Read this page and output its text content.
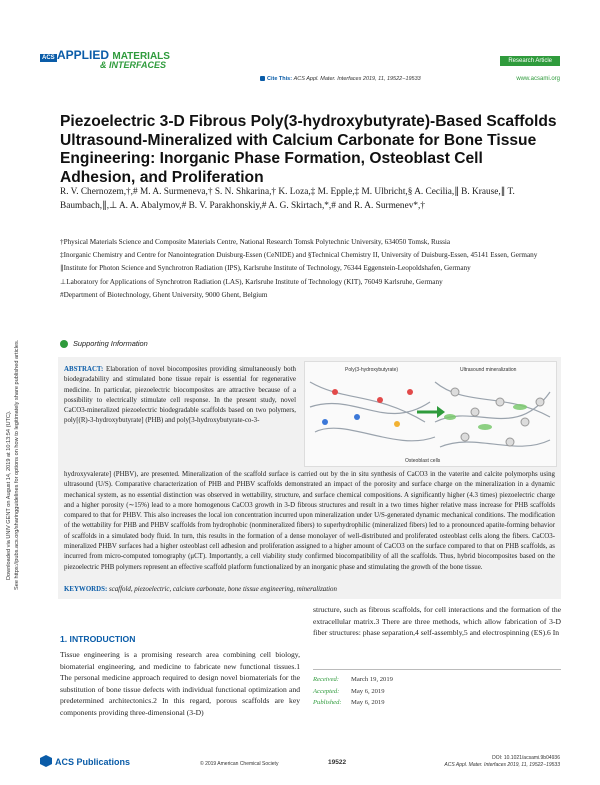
Downloaded via UNIV GENT on August 14, 2019 at 10:13:54 (UTC). See https://pubs.acs.org/sharingguidelines for options on how to legitimately share published articles.
ACS APPLIED MATERIALS
& INTERFACES
Cite This: ACS Appl. Mater. Interfaces 2019, 11, 19522−19533
Research Article
www.acsami.org
Piezoelectric 3-D Fibrous Poly(3-hydroxybutyrate)-Based Scaffolds Ultrasound-Mineralized with Calcium Carbonate for Bone Tissue Engineering: Inorganic Phase Formation, Osteoblast Cell Adhesion, and Proliferation
R. V. Chernozem,†,# M. A. Surmeneva,† S. N. Shkarina,† K. Loza,‡ M. Epple,‡ M. Ulbricht,§ A. Cecilia,∥ B. Krause,∥ T. Baumbach,∥,⊥ A. A. Abalymov,# B. V. Parakhonskiy,# A. G. Skirtach,*,# and R. A. Surmenev*,†

†Physical Materials Science and Composite Materials Centre, National Research Tomsk Polytechnic University, 634050 Tomsk, Russia

‡Inorganic Chemistry and Centre for Nanointegration Duisburg-Essen (CeNIDE) and §Technical Chemistry II, University of Duisburg-Essen, 45141 Essen, Germany

∥Institute for Photon Science and Synchrotron Radiation (IPS), Karlsruhe Institute of Technology, 76344 Eggenstein-Leopoldshafen, Germany

⊥Laboratory for Applications of Synchrotron Radiation (LAS), Karlsruhe Institute of Technology (KIT), 76049 Karlsruhe, Germany

#Department of Biotechnology, Ghent University, 9000 Ghent, Belgium

Supporting Information
ABSTRACT: Elaboration of novel biocomposites providing simultaneously both biodegradability and stimulated bone tissue repair is essential for regenerative medicine. In particular, piezoelectric biocomposites are attractive because of a possibility to electrically stimulate cell response. In the present study, novel CaCO3-mineralized piezoelectric biodegradable scaffolds based on two polymers, poly[(R)-3-hydroxybutyrate] (PHB) and poly[3-hydroxybutyrate-co-3-
Poly(3-hydroxybutyrate)	Ultrasound mineralization
Osteoblast cells
hydroxyvalerate] (PHBV), are presented. Mineralization of the scaffold surface is carried out by the in situ synthesis of CaCO3 in the vaterite and calcite polymorphs using ultrasound (U/S). Comparative characterization of PHB and PHBV scaffolds demonstrated an impact of the porosity and surface charge on the mineralization in a dynamic mechanical system, as no essential distinction was observed in wettability, structure, and surface chemical compositions. A significantly higher (4.3 times) piezoelectric charge and a higher porosity (∼15%) lead to a more homogenous CaCO3 growth in 3-D fibrous structures and result in a two times higher relative mass increase for PHB scaffolds compared to that for PHBV. This also increases the local ion concentration incurred upon mineralization under U/S-generated dynamic mechanical conditions. The modification of the wettability for PHB and PHBV scaffolds from hydrophobic (nonmineralized fibers) to superhydrophilic (mineralized fibers) led to a pronounced apatite-forming behavior of scaffolds in a simulated body fluid. In turn, this results in the formation of a dense monolayer of well-distributed and proliferated osteoblast cells along the fibers. CaCO3-mineralized PHBV surfaces had a higher osteoblast cell adhesion and proliferation assigned to a higher amount of CaCO3 on the surface compared to that on PHB scaffolds, as incurred from micro-computed tomography (μCT). Importantly, a cell viability study confirmed biocompatibility of all the scaffolds. Thus, hybrid biocomposites based on the piezoelectric PHB polymers represent an effective scaffold platform functionalized by an inorganic phase and stimulating the growth of the bone tissue.
KEYWORDS: scaffold, piezoelectric, calcium carbonate, bone tissue engineering, mineralization
1. INTRODUCTION
Tissue engineering is a promising research area combining cell biology, biomaterial engineering, and medicine to fabricate new functional tissues.1 The personal medicine approach required to design novel biomaterials for the substitution of bone tissue defects with individual functional optimization and predetermined architectonics.2 In this regard, porous scaffolds are key components providing three-dimensional (3-D)
structure, such as fibrous scaffolds, for cell interactions and the formation of the extracellular matrix.3 There are three methods, which allow fabrication of 3-D fiber structures: phase separation,4 self-assembly,5 and electrospinning (ES).6 In
Received: March 19, 2019
Accepted: May 6, 2019
Published: May 6, 2019
ACS Publications	© 2019 American Chemical Society	19522
DOI: 10.1021/acsami.9b04936
ACS Appl. Mater. Interfaces 2019, 11, 19522−19533
